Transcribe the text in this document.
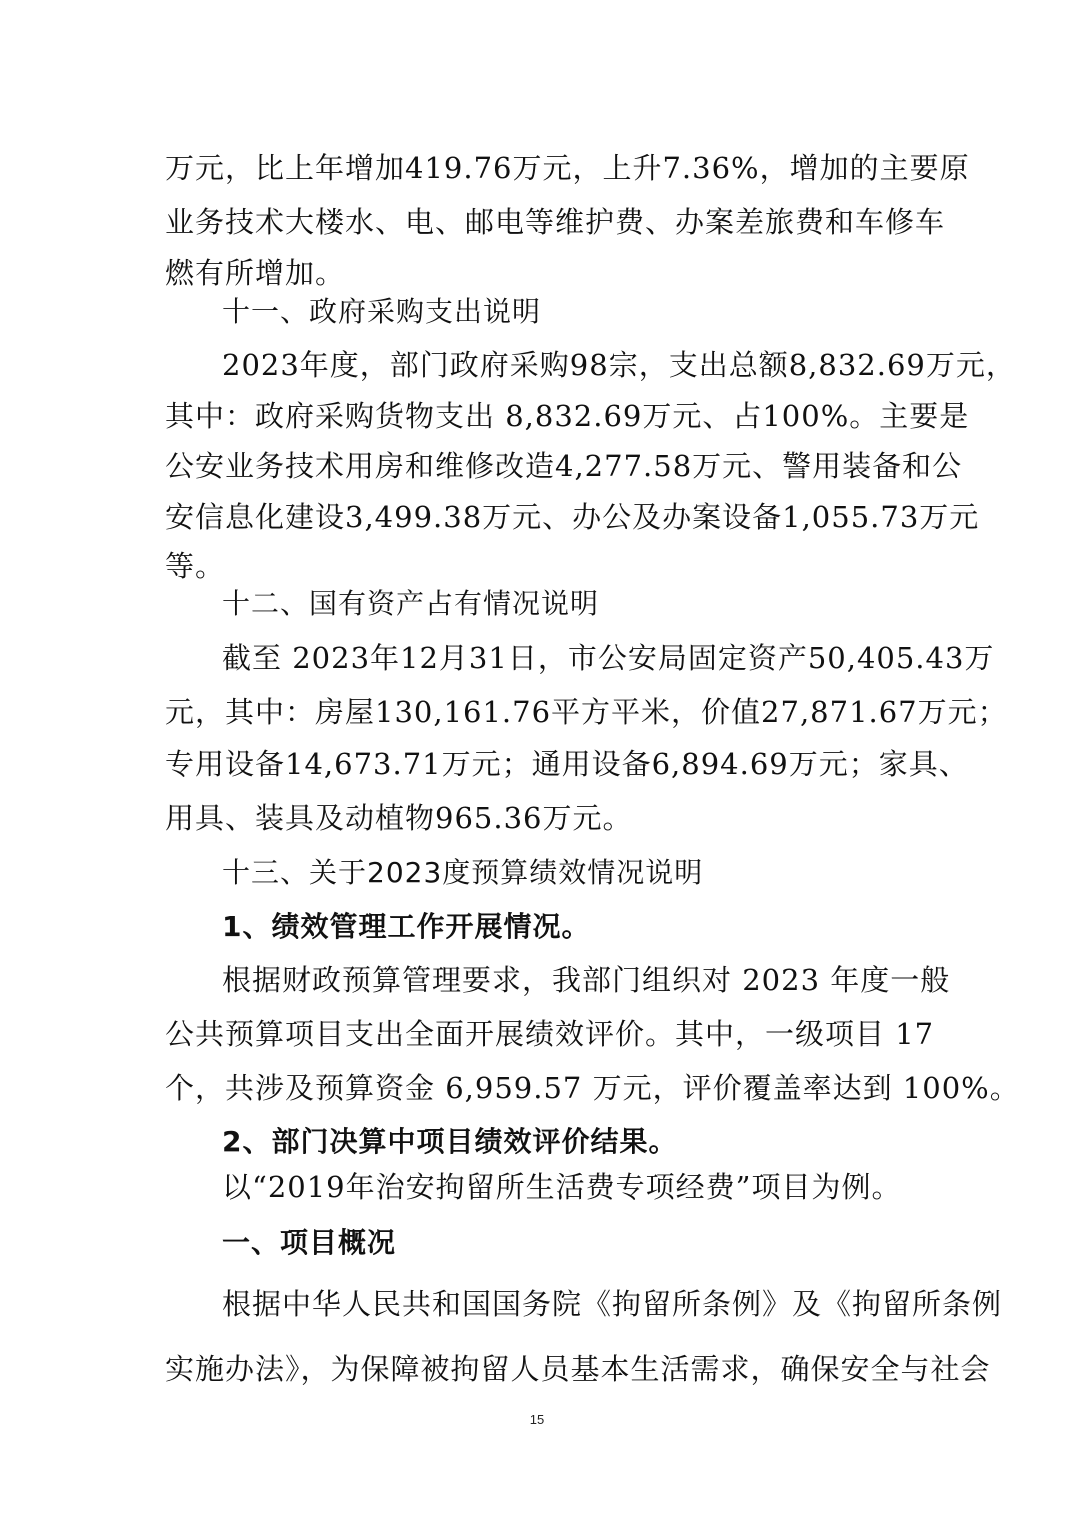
万元，比上年增加419.76万元，上升7.36%，增加的主要原
业务技术大楼水、电、邮电等维护费、办案差旅费和车修车
燃有所增加。
十一、政府采购支出说明
2023年度，部门政府采购98宗，支出总额8,832.69万元，
其中：政府采购货物支出 8,832.69万元、占100%。主要是
公安业务技术用房和维修改造4,277.58万元、警用装备和公
安信息化建设3,499.38万元、办公及办案设备1,055.73万元
等。
十二、国有资产占有情况说明
截至 2023年12月31日，市公安局固定资产50,405.43万
元，其中：房屋130,161.76平方平米，价值27,871.67万元；
专用设备14,673.71万元；通用设备6,894.69万元；家具、
用具、装具及动植物965.36万元。
十三、关于2023度预算绩效情况说明
1、绩效管理工作开展情况。
根据财政预算管理要求，我部门组织对 2023 年度一般
公共预算项目支出全面开展绩效评价。其中，一级项目 17
个，共涉及预算资金 6,959.57 万元，评价覆盖率达到 100%。
2、部门决算中项目绩效评价结果。
以“2019年治安拘留所生活费专项经费”项目为例。
一、项目概况
根据中华人民共和国国务院《拘留所条例》及《拘留所条例
实施办法》，为保障被拘留人员基本生活需求，确保安全与社会
15
